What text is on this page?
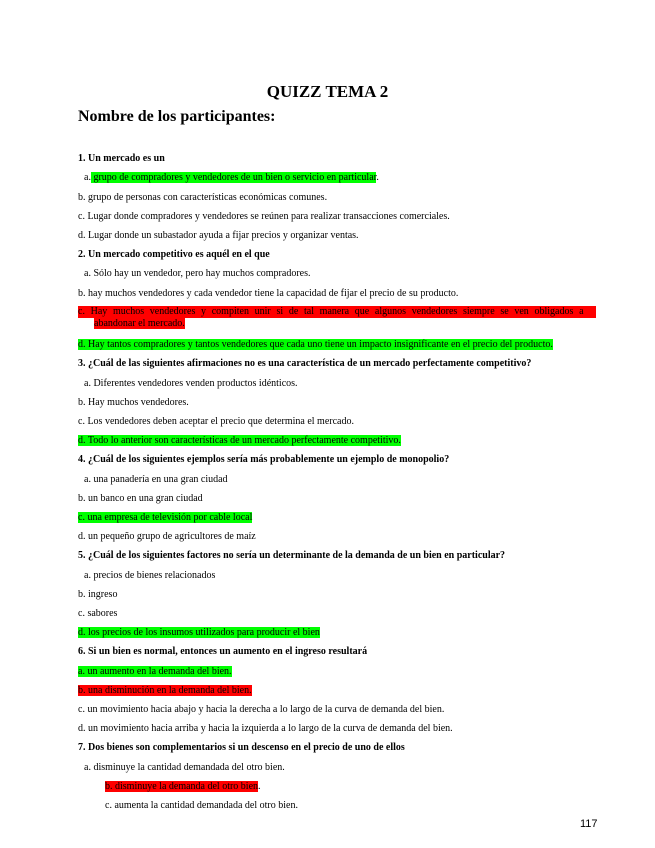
QUIZZ TEMA 2
Nombre de los participantes:
1. Un mercado es un
a. grupo de compradores y vendedores de un bien o servicio en particular.
b. grupo de personas con características económicas comunes.
c. Lugar donde compradores y vendedores se reúnen para realizar transacciones comerciales.
d. Lugar donde un subastador ayuda a fijar precios y organizar ventas.
2. Un mercado competitivo es aquél en el que
a. Sólo hay un vendedor, pero hay muchos compradores.
b. hay muchos vendedores y cada vendedor tiene la capacidad de fijar el precio de su producto.
c. Hay muchos vendedores y compiten unir si de tal manera que algunos vendedores siempre se ven obligados a
abandonar el mercado.
d. Hay tantos compradores y tantos vendedores que cada uno tiene un impacto insignificante en el precio del producto.
3. ¿Cuál de las siguientes afirmaciones no es una característica de un mercado perfectamente competitivo?
a. Diferentes vendedores venden productos idénticos.
b. Hay muchos vendedores.
c. Los vendedores deben aceptar el precio que determina el mercado.
d. Todo lo anterior son características de un mercado perfectamente competitivo.
4. ¿Cuál de los siguientes ejemplos sería más probablemente un ejemplo de monopolio?
a. una panadería en una gran ciudad
b. un banco en una gran ciudad
c. una empresa de televisión por cable local
d. un pequeño grupo de agricultores de maíz
5. ¿Cuál de los siguientes factores no sería un determinante de la demanda de un bien en particular?
a. precios de bienes relacionados
b. ingreso
c. sabores
d. los precios de los insumos utilizados para producir el bien
6. Si un bien es normal, entonces un aumento en el ingreso resultará
a. un aumento en la demanda del bien.
b. una disminución en la demanda del bien.
c. un movimiento hacia abajo y hacia la derecha a lo largo de la curva de demanda del bien.
d. un movimiento hacia arriba y hacia la izquierda a lo largo de la curva de demanda del bien.
7. Dos bienes son complementarios si un descenso en el precio de uno de ellos
a. disminuye la cantidad demandada del otro bien.
b. disminuye la demanda del otro bien.
c. aumenta la cantidad demandada del otro bien.
117
